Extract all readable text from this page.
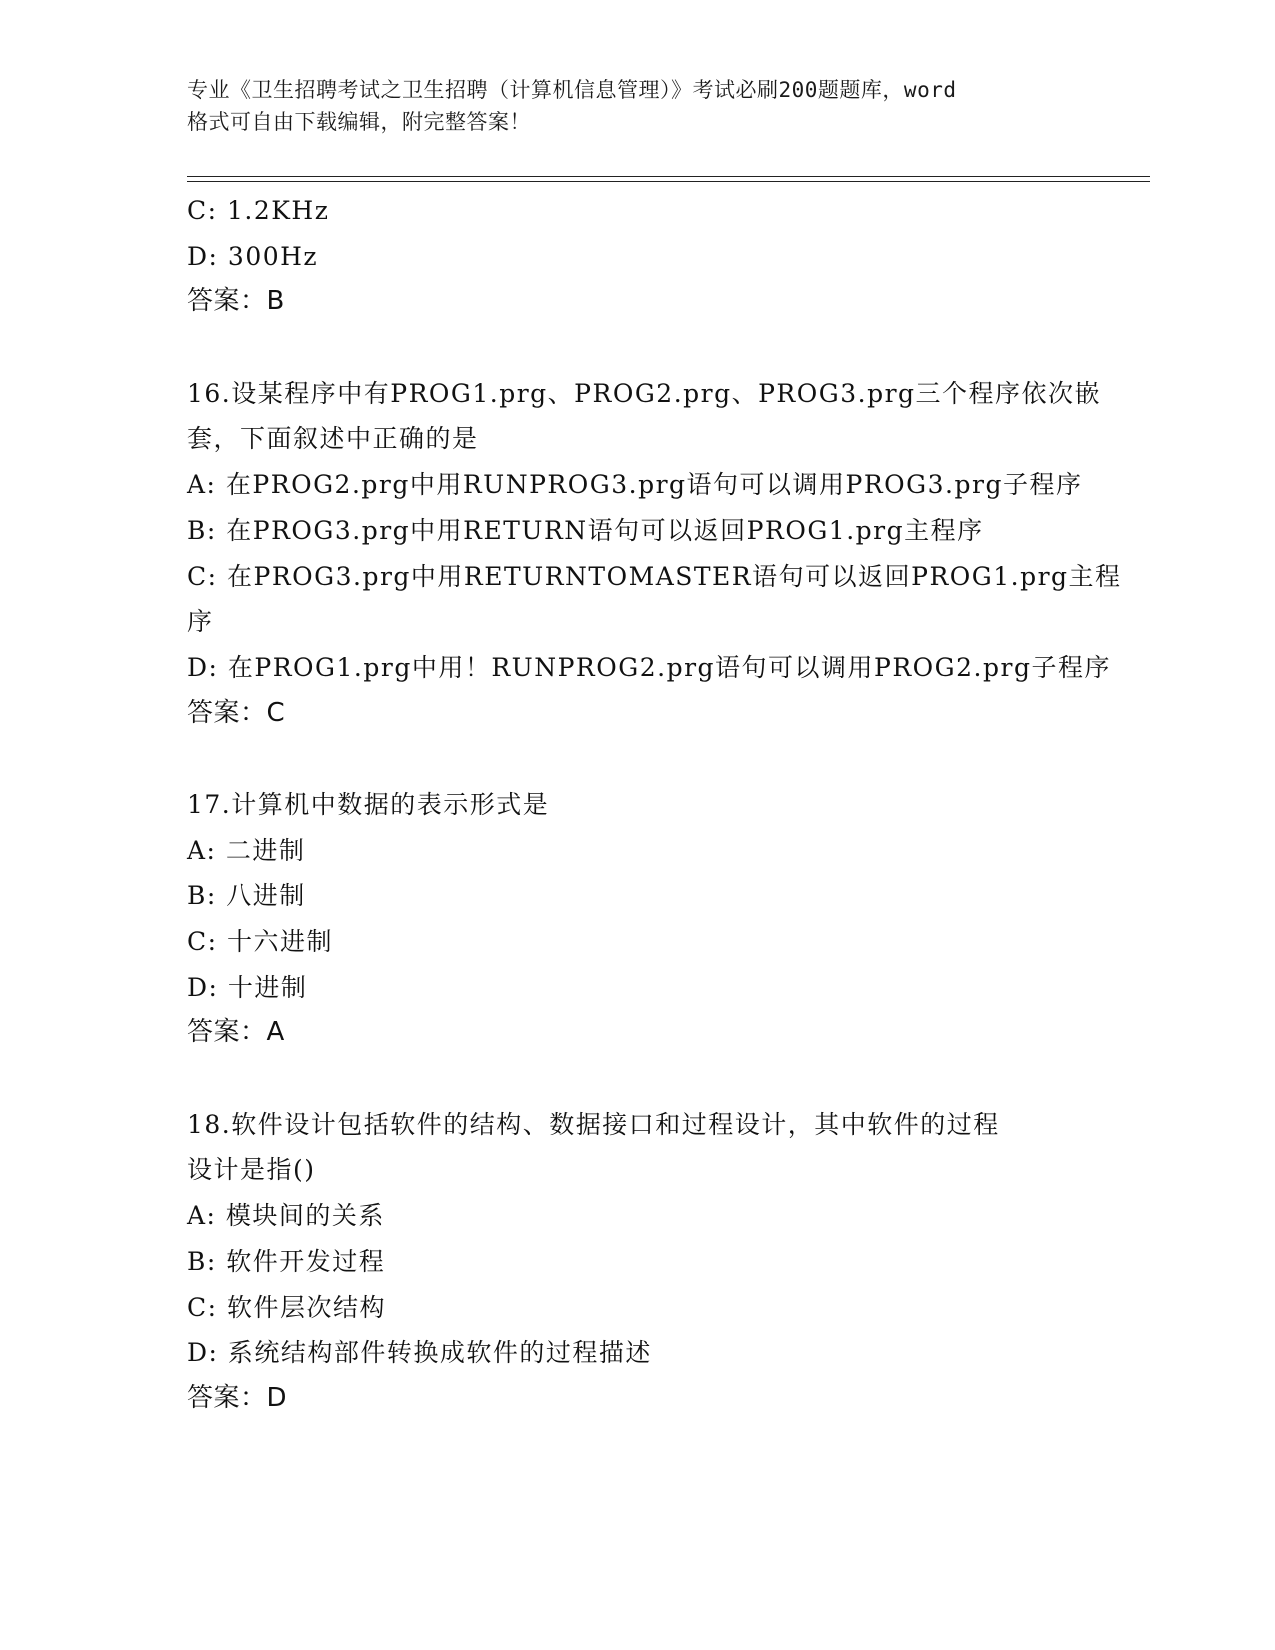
专业《卫生招聘考试之卫生招聘（计算机信息管理）》考试必刷200题题库，word
格式可自由下载编辑，附完整答案！
C: 1.2KHz
D: 300Hz
答案：B
16.设某程序中有PROG1.prg、PROG2.prg、PROG3.prg三个程序依次嵌
套，下面叙述中正确的是
A: 在PROG2.prg中用RUNPROG3.prg语句可以调用PROG3.prg子程序
B: 在PROG3.prg中用RETURN语句可以返回PROG1.prg主程序
C: 在PROG3.prg中用RETURNTOMASTER语句可以返回PROG1.prg主程
序
D: 在PROG1.prg中用！RUNPROG2.prg语句可以调用PROG2.prg子程序
答案：C
17.计算机中数据的表示形式是
A: 二进制
B: 八进制
C: 十六进制
D: 十进制
答案：A
18.软件设计包括软件的结构、数据接口和过程设计，其中软件的过程
设计是指()
A: 模块间的关系
B: 软件开发过程
C: 软件层次结构
D: 系统结构部件转换成软件的过程描述
答案：D
